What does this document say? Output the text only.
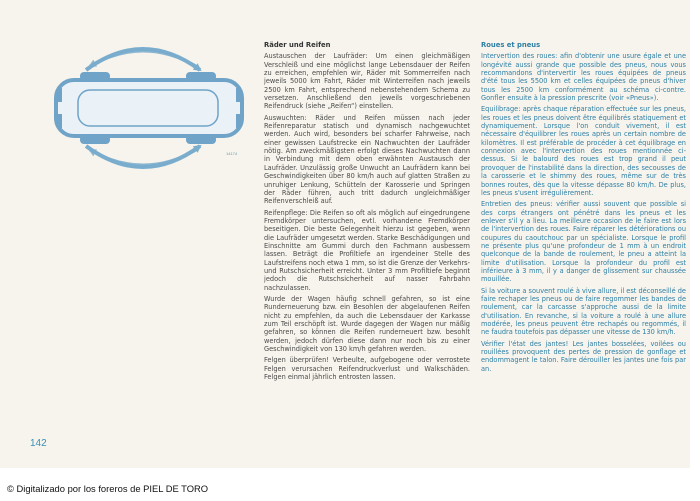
14174
Räder und Reifen

Austauschen der Laufräder: Um einen gleichmäßigen Verschleiß und eine möglichst lange Lebensdauer der Reifen zu erreichen, empfehlen wir, Räder mit Sommerreifen nach jeweils 5000 km Fahrt, Räder mit Winterreifen nach jeweils 2500 km Fahrt, entsprechend nebenstehendem Schema zu versetzen. Anschließend den jeweils vorgeschriebenen Reifendruck (siehe „Reifen“) einstellen.

Auswuchten: Räder und Reifen müssen nach jeder Reifenreparatur statisch und dynamisch nachgewuchtet werden. Auch wird, besonders bei scharfer Fahrweise, nach einer gewissen Laufstrecke ein Nachwuchten der Laufräder nötig. Am zweckmäßigsten erfolgt dieses Nachwuchten dann in Verbindung mit dem oben erwähnten Austausch der Laufräder. Unzulässig große Unwucht an Laufrädern kann bei Geschwindigkeiten über 80 km/h auch auf glatten Straßen zu unruhiger Lenkung, Schütteln der Karosserie und Springen der Räder führen, auch tritt dadurch ungleichmäßiger Reifenverschleiß auf.

Reifenpflege: Die Reifen so oft als möglich auf eingedrungene Fremdkörper untersuchen, evtl. vorhandene Fremdkörper beseitigen. Die beste Gelegenheit hierzu ist gegeben, wenn die Laufräder umgesetzt werden. Starke Beschädigungen und Einschnitte am Gummi durch den Fachmann ausbessern lassen. Beträgt die Profiltiefe an irgendeiner Stelle des Laufstreifens noch etwa 1 mm, so ist die Grenze der Verkehrs- und Rutschsicherheit erreicht. Unter 3 mm Profiltiefe beginnt jedoch die Rutschsicherheit auf nasser Fahrbahn nachzulassen.

Wurde der Wagen häufig schnell gefahren, so ist eine Runderneuerung bzw. ein Besohlen der abgelaufenen Reifen nicht zu empfehlen, da auch die Lebensdauer der Karkasse zum Teil erschöpft ist. Wurde dagegen der Wagen nur mäßig gefahren, so können die Reifen runderneuert bzw. besohlt werden, jedoch dürfen diese dann nur noch bis zu einer Geschwindigkeit von 130 km/h gefahren werden.

Felgen überprüfen! Verbeulte, aufgebogene oder verrostete Felgen verursachen Reifendruckverlust und Walkschäden. Felgen einmal jährlich entrosten lassen.

Roues et pneus

Intervertion des roues: afin d'obtenir une usure égale et une longévité aussi grande que possible des pneus, nous vous recommandons d'intervertir les roues équipées de pneus d'été tous les 5500 km et celles équipées de pneus d'hiver tous les 2500 km conformément au schéma ci-contre. Gonfler ensuite à la pression prescrite (voir «Pneus»).

Equilibrage: après chaque réparation effectuée sur les pneus, les roues et les pneus doivent être équilibrés statiquement et dynamiquement. Lorsque l'on conduit vivement, il est nécessaire d'équilibrer les roues après un certain nombre de kilomètres. Il est préférable de procéder à cet équilibrage en connexion avec l'intervertion des roues mentionnée ci-dessus. Si le balourd des roues est trop grand il peut provoquer de l'instabilité dans la direction, des secousses de la carosserie et le shimmy des roues, même sur de très bonnes routes, dès que la vitesse dépasse 80 km/h. De plus, les pneus s'usent irrégulièrement.

Entretien des pneus: vérifier aussi souvent que possible si des corps étrangers ont pénétré dans les pneus et les enlever s'il y a lieu. La meilleure occasion de le faire est lors de l'intervertion des roues. Faire réparer les détériorations ou coupures du caoutchouc par un spécialiste. Lorsque le profil ne présente plus qu'une profondeur de 1 mm à un endroit quelconque de la bande de roulement, le pneu a atteint la limite d'utilisation. Lorsque la profondeur du profil est inférieure à 3 mm, il y a danger de glissement sur chaussée mouillée.

Si la voiture a souvent roulé à vive allure, il est déconseillé de faire rechaper les pneus ou de faire regommer les bandes de roulement, car la carcasse s'approche aussi de la limite d'utilisation. En revanche, si la voiture a roulé à une allure modérée, les pneus peuvent être rechapés ou regommés, il ne faudra toutefois pas dépasser une vitesse de 130 km/h.

Vérifier l'état des jantes! Les jantes bosselées, voilées ou rouillées provoquent des pertes de pression de gonflage et endommagent le talon. Faire dérouiller les jantes une fois par an.

142
© Digitalizado por los foreros de PIEL DE TORO
